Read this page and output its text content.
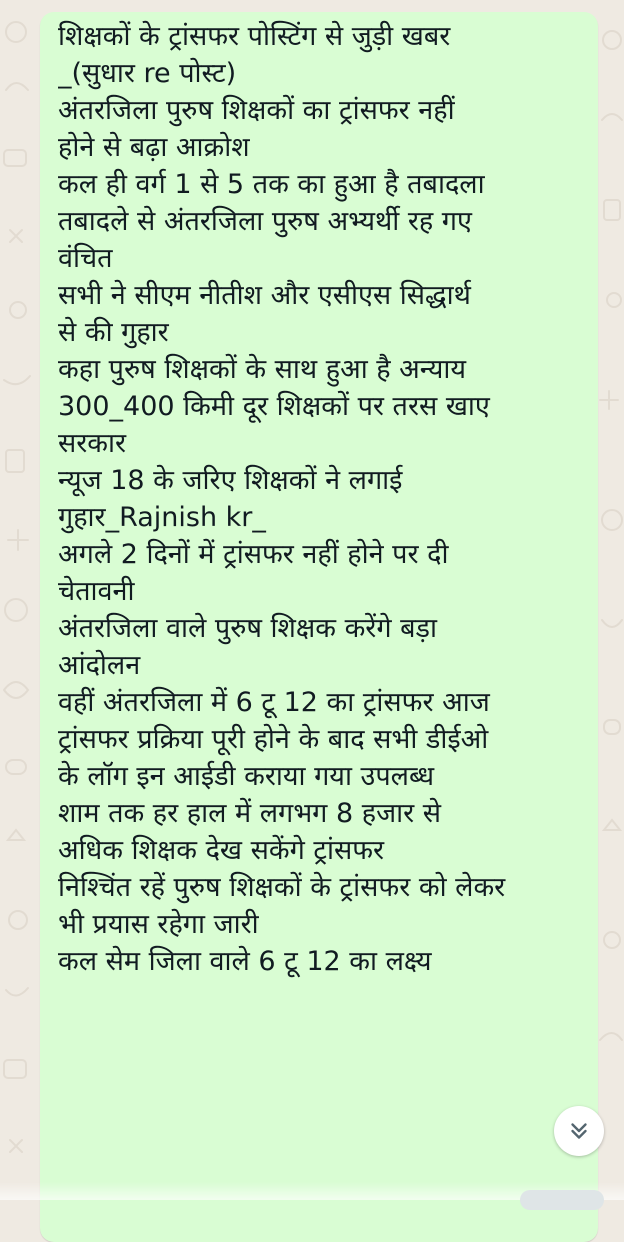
शिक्षकों के ट्रांसफर पोस्टिंग से जुड़ी खबर
_(सुधार re पोस्ट)
अंतरजिला पुरुष शिक्षकों का ट्रांसफर नहीं
होने से बढ़ा आक्रोश
कल ही वर्ग 1 से 5 तक का हुआ है तबादला
तबादले से अंतरजिला पुरुष अभ्यर्थी रह गए
वंचित
सभी ने सीएम नीतीश और एसीएस सिद्धार्थ
से की गुहार
कहा पुरुष शिक्षकों के साथ हुआ है अन्याय
300_400 किमी दूर शिक्षकों पर तरस खाए
सरकार
न्यूज 18 के जरिए शिक्षकों ने लगाई
गुहार_Rajnish kr_
अगले 2 दिनों में ट्रांसफर नहीं होने पर दी
चेतावनी
अंतरजिला वाले पुरुष शिक्षक करेंगे बड़ा
आंदोलन
वहीं अंतरजिला में 6 टू 12 का ट्रांसफर आज
ट्रांसफर प्रक्रिया पूरी होने के बाद सभी डीईओ
के लॉग इन आईडी कराया गया उपलब्ध
शाम तक हर हाल में लगभग 8 हजार से
अधिक शिक्षक देख सकेंगे ट्रांसफर
निश्चिंत रहें पुरुष शिक्षकों के ट्रांसफर को लेकर
भी प्रयास रहेगा जारी
कल सेम जिला वाले 6 टू 12 का लक्ष्य
